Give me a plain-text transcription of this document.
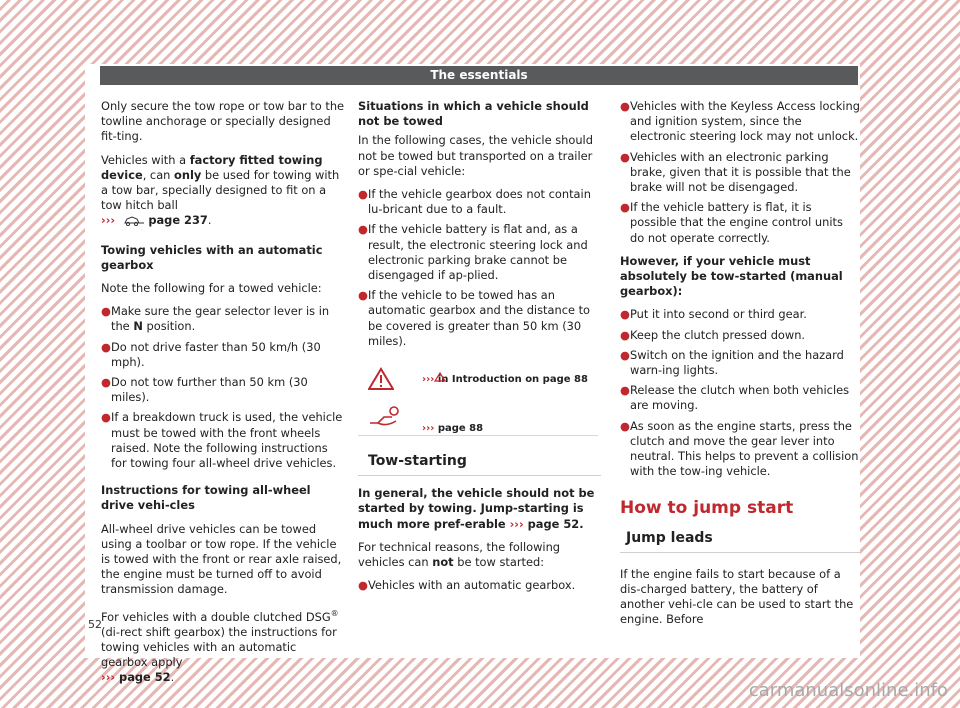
The essentials

Only secure the tow rope or tow bar to the towline anchorage or specially designed fit-ting.

Vehicles with a factory fitted towing device, can only be used for towing with a tow bar, specially designed to fit on a tow hitch ball
›››	page 237.

Towing vehicles with an automatic gearbox

Note the following for a towed vehicle:

● Make sure the gear selector lever is in the N position.
● Do not drive faster than 50 km/h (30 mph).
● Do not tow further than 50 km (30 miles).
● If a breakdown truck is used, the vehicle must be towed with the front wheels raised. Note the following instructions for towing four all-wheel drive vehicles.

Instructions for towing all-wheel drive vehi-cles

All-wheel drive vehicles can be towed using a toolbar or tow rope. If the vehicle is towed with the front or rear axle raised, the engine must be turned off to avoid transmission damage.

For vehicles with a double clutched DSG® (di-rect shift gearbox) the instructions for towing vehicles with an automatic gearbox apply
››› page 52.

Situations in which a vehicle should not be towed

In the following cases, the vehicle should not be towed but transported on a trailer or spe-cial vehicle:

● If the vehicle gearbox does not contain lu-bricant due to a fault.
● If the vehicle battery is flat and, as a result, the electronic steering lock and electronic parking brake cannot be disengaged if ap-plied.
● If the vehicle to be towed has an automatic gearbox and the distance to be covered is greater than 50 km (30 miles).
›››
in Introduction on page 88
››› page 88
Tow-starting

In general, the vehicle should not be started by towing. Jump-starting is much more pref-erable ››› page 52.

For technical reasons, the following vehicles can not be tow started:

● Vehicles with an automatic gearbox.
● Vehicles with the Keyless Access locking and ignition system, since the electronic steering lock may not unlock.
● Vehicles with an electronic parking brake, given that it is possible that the brake will not be disengaged.
● If the vehicle battery is flat, it is possible that the engine control units do not operate correctly.

However, if your vehicle must absolutely be tow-started (manual gearbox):

● Put it into second or third gear.
● Keep the clutch pressed down.
● Switch on the ignition and the hazard warn-ing lights.
● Release the clutch when both vehicles are moving.
● As soon as the engine starts, press the clutch and move the gear lever into neutral. This helps to prevent a collision with the tow-ing vehicle.
How to jump start
Jump leads

If the engine fails to start because of a dis-charged battery, the battery of another vehi-cle can be used to start the engine. Before

52
carmanualsonline.info
